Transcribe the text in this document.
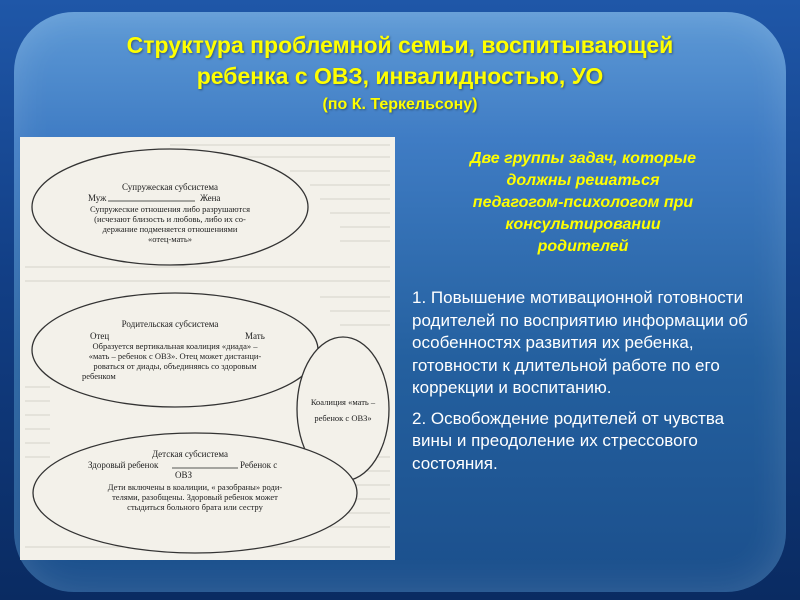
Структура проблемной семьи, воспитывающей
ребенка с ОВЗ, инвалидностью, УО
(по К. Теркельсону)
Супружеская субсистема
Муж	Жена
Супружеские отношения либо разрушаются
(исчезают близость и любовь, либо их со-
держание подменяется отношениями
«отец-мать»
Родительская субсистема
Отец	Мать
Образуется вертикальная коалиция «диада» –
«мать – ребенок с ОВЗ». Отец может дистанци-
роваться от диады, объединяясь со здоровым
ребенком
Коалиция «мать –
ребенок с ОВЗ»
Детская субсистема
Здоровый ребенок	Ребенок с
ОВЗ
Дети включены в коалиции, « разобраны» роди-
телями, разобщены. Здоровый ребенок может
стыдиться больного брата или сестру
Две группы задач, которые
должны решаться
педагогом-психологом при
консультировании
родителей

1. Повышение мотивационной готовности родителей по восприятию информации об особенностях развития их ребенка, готовности к длительной работе по его коррекции и воспитанию.

2. Освобождение родителей от чувства вины и преодоление их стрессового состояния.
